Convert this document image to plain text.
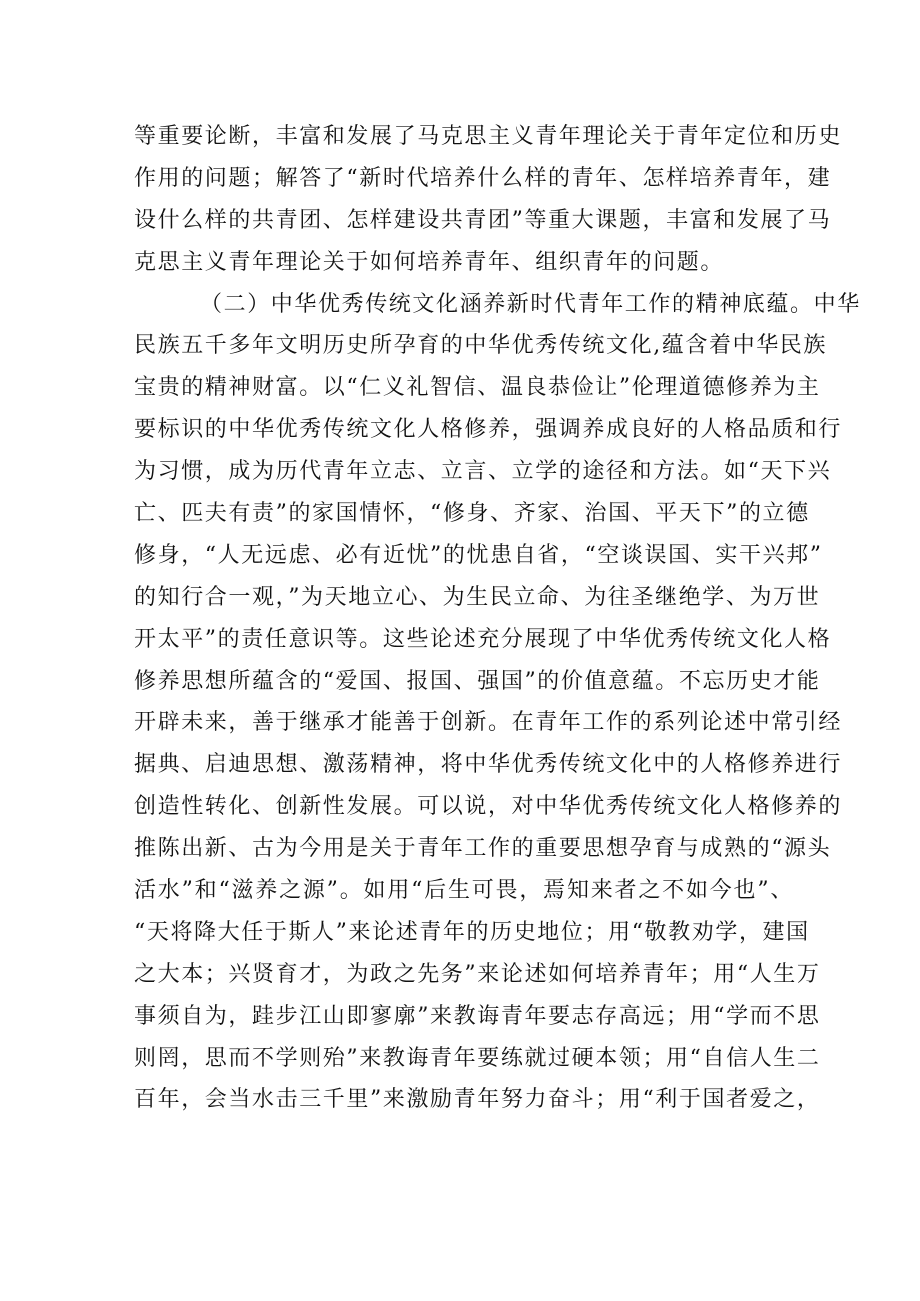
等重要论断，丰富和发展了马克思主义青年理论关于青年定位和历史
作用的问题；解答了“新时代培养什么样的青年、怎样培养青年，建
设什么样的共青团、怎样建设共青团”等重大课题，丰富和发展了马
克思主义青年理论关于如何培养青年、组织青年的问题。
（二）中华优秀传统文化涵养新时代青年工作的精神底蕴。中华
民族五千多年文明历史所孕育的中华优秀传统文化,蕴含着中华民族
宝贵的精神财富。以“仁义礼智信、温良恭俭让”伦理道德修养为主
要标识的中华优秀传统文化人格修养，强调养成良好的人格品质和行
为习惯，成为历代青年立志、立言、立学的途径和方法。如“天下兴
亡、匹夫有责”的家国情怀，“修身、齐家、治国、平天下”的立德
修身，“人无远虑、必有近忧”的忧患自省，“空谈误国、实干兴邦”
的知行合一观，”为天地立心、为生民立命、为往圣继绝学、为万世
开太平”的责任意识等。这些论述充分展现了中华优秀传统文化人格
修养思想所蕴含的“爱国、报国、强国”的价值意蕴。不忘历史才能
开辟未来，善于继承才能善于创新。在青年工作的系列论述中常引经
据典、启迪思想、激荡精神，将中华优秀传统文化中的人格修养进行
创造性转化、创新性发展。可以说，对中华优秀传统文化人格修养的
推陈出新、古为今用是关于青年工作的重要思想孕育与成熟的“源头
活水”和“滋养之源”。如用“后生可畏，焉知来者之不如今也”、
“天将降大任于斯人”来论述青年的历史地位；用“敬教劝学，建国
之大本；兴贤育才，为政之先务”来论述如何培养青年；用“人生万
事须自为，跬步江山即寥廓”来教诲青年要志存高远；用“学而不思
则罔，思而不学则殆”来教诲青年要练就过硬本领；用“自信人生二
百年，会当水击三千里”来激励青年努力奋斗；用“利于国者爱之，
